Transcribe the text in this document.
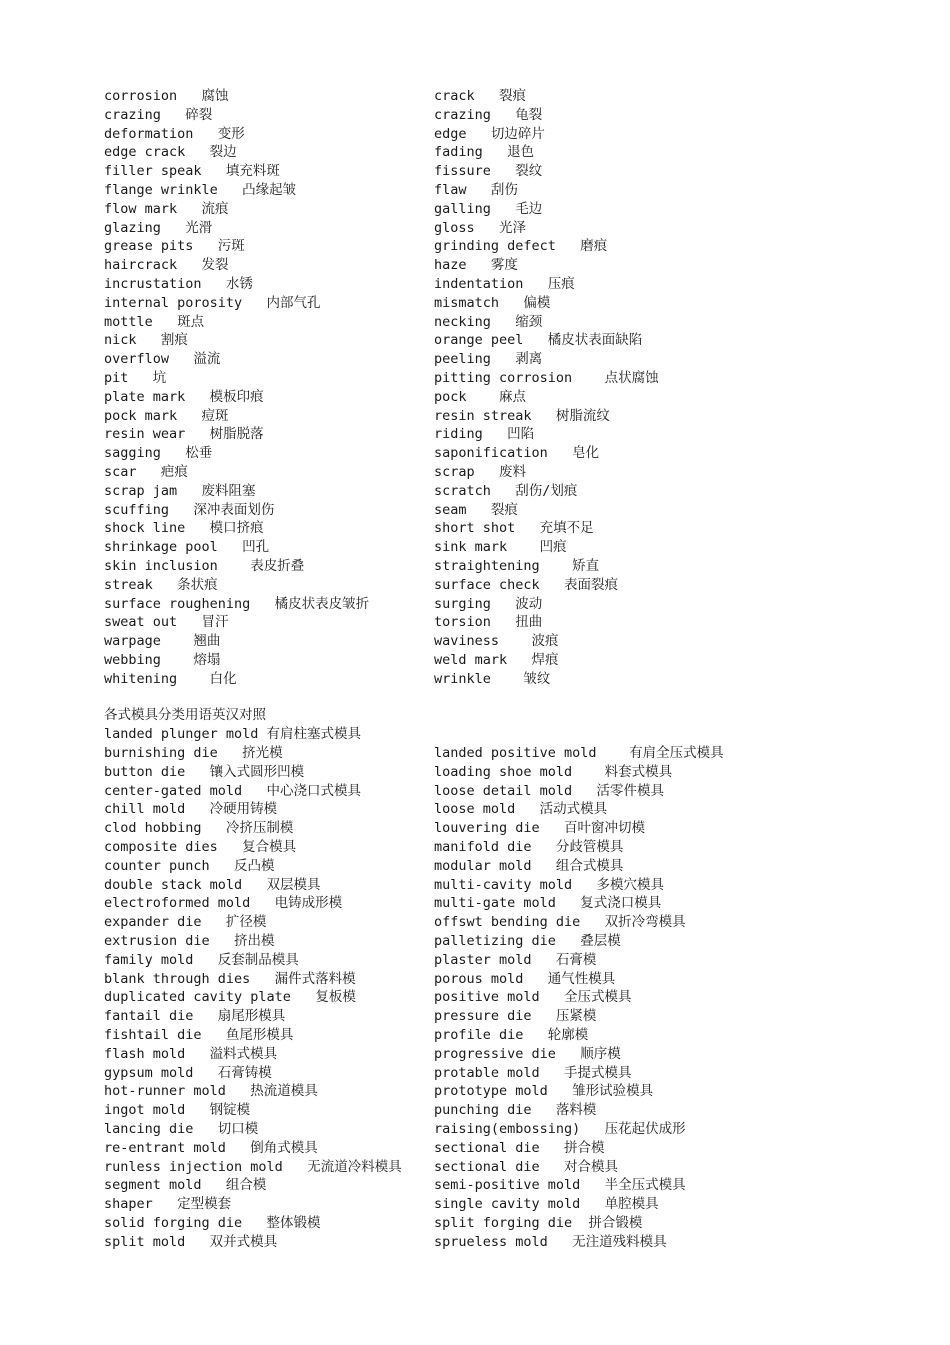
各式模具分类用语英汉对照
landed plunger mold 有肩柱塞式模具
corrosion   腐蚀
crazing   碎裂
deformation   变形
edge crack   裂边
filler speak   填充料斑
flange wrinkle   凸缘起皱
flow mark   流痕
glazing   光滑
grease pits   污斑
haircrack   发裂
incrustation   水锈
internal porosity   内部气孔
mottle   斑点
nick   割痕
overflow   溢流
pit   坑
plate mark   模板印痕
pock mark   痘斑
resin wear   树脂脱落
sagging   松垂
scar   疤痕
scrap jam   废料阻塞
scuffing   深冲表面划伤
shock line   模口挤痕
shrinkage pool   凹孔
skin inclusion    表皮折叠
streak   条状痕
surface roughening   橘皮状表皮皱折
sweat out   冒汗
warpage    翘曲
webbing    熔塌
whitening    白化
crack   裂痕
crazing   龟裂
edge   切边碎片
fading   退色
fissure   裂纹
flaw   刮伤
galling   毛边
gloss   光泽
grinding defect   磨痕
haze   雾度
indentation   压痕
mismatch   偏模
necking   缩颈
orange peel   橘皮状表面缺陷
peeling   剥离
pitting corrosion    点状腐蚀
pock    麻点
resin streak   树脂流纹
riding   凹陷
saponification   皂化
scrap   废料
scratch   刮伤/划痕
seam   裂痕
short shot   充填不足
sink mark    凹痕
straightening    矫直
surface check   表面裂痕
surging   波动
torsion   扭曲
waviness    波痕
weld mark   焊痕
wrinkle    皱纹
burnishing die   挤光模
button die   镶入式圆形凹模
center-gated mold   中心浇口式模具
chill mold   冷硬用铸模
clod hobbing   冷挤压制模
composite dies   复合模具
counter punch   反凸模
double stack mold   双层模具
electroformed mold   电铸成形模
expander die   扩径模
extrusion die   挤出模
family mold   反套制品模具
blank through dies   漏件式落料模
duplicated cavity plate   复板模
fantail die   扇尾形模具
fishtail die   鱼尾形模具
flash mold   溢料式模具
gypsum mold   石膏铸模
hot-runner mold   热流道模具
ingot mold   钢锭模
lancing die   切口模
re-entrant mold   倒角式模具
runless injection mold   无流道冷料模具
segment mold   组合模
shaper   定型模套
solid forging die   整体锻模
split mold   双并式模具
landed positive mold    有肩全压式模具
loading shoe mold    料套式模具
loose detail mold   活零件模具
loose mold   活动式模具
louvering die   百叶窗冲切模
manifold die   分歧管模具
modular mold   组合式模具
multi-cavity mold   多模穴模具
multi-gate mold   复式浇口模具
offswt bending die   双折冷弯模具
palletizing die   叠层模
plaster mold   石膏模
porous mold   通气性模具
positive mold   全压式模具
pressure die   压紧模
profile die   轮廓模
progressive die   顺序模
protable mold   手提式模具
prototype mold   雏形试验模具
punching die   落料模
raising(embossing)   压花起伏成形
sectional die   拼合模
sectional die   对合模具
semi-positive mold   半全压式模具
single cavity mold   单腔模具
split forging die  拼合锻模
sprueless mold   无注道残料模具
